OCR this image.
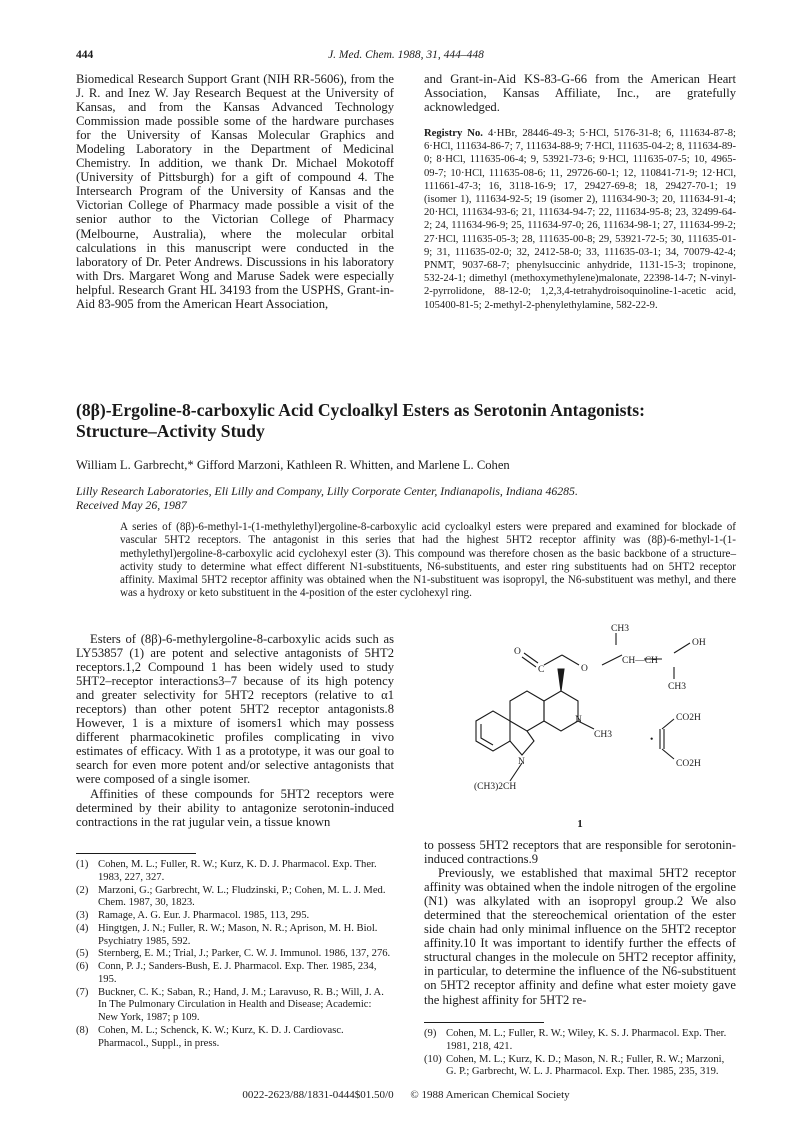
444	J. Med. Chem. 1988, 31, 444–448

Biomedical Research Support Grant (NIH RR-5606), from the J. R. and Inez W. Jay Research Bequest at the University of Kansas, and from the Kansas Advanced Technology Commission made possible some of the hardware purchases for the University of Kansas Molecular Graphics and Modeling Laboratory in the Department of Medicinal Chemistry. In addition, we thank Dr. Michael Mokotoff (University of Pittsburgh) for a gift of compound 4. The Intersearch Program of the University of Kansas and the Victorian College of Pharmacy made possible a visit of the senior author to the Victorian College of Pharmacy (Melbourne, Australia), where the molecular orbital calculations in this manuscript were conducted in the laboratory of Dr. Peter Andrews. Discussions in his laboratory with Drs. Margaret Wong and Maruse Sadek were especially helpful. Research Grant HL 34193 from the USPHS, Grant-in-Aid 83-905 from the American Heart Association,

and Grant-in-Aid KS-83-G-66 from the American Heart Association, Kansas Affiliate, Inc., are gratefully acknowledged.

Registry No. 4·HBr, 28446-49-3; 5·HCl, 5176-31-8; 6, 111634-87-8; 6·HCl, 111634-86-7; 7, 111634-88-9; 7·HCl, 111635-04-2; 8, 111634-89-0; 8·HCl, 111635-06-4; 9, 53921-73-6; 9·HCl, 111635-07-5; 10, 4965-09-7; 10·HCl, 111635-08-6; 11, 29726-60-1; 12, 110841-71-9; 12·HCl, 111661-47-3; 16, 3118-16-9; 17, 29427-69-8; 18, 29427-70-1; 19 (isomer 1), 111634-92-5; 19 (isomer 2), 111634-90-3; 20, 111634-91-4; 20·HCl, 111634-93-6; 21, 111634-94-7; 22, 111634-95-8; 23, 32499-64-2; 24, 111634-96-9; 25, 111634-97-0; 26, 111634-98-1; 27, 111634-99-2; 27·HCl, 111635-05-3; 28, 111635-00-8; 29, 53921-72-5; 30, 111635-01-9; 31, 111635-02-0; 32, 2412-58-0; 33, 111635-03-1; 34, 70079-42-4; PNMT, 9037-68-7; phenylsuccinic anhydride, 1131-15-3; tropinone, 532-24-1; dimethyl (methoxymethylene)malonate, 22398-14-7; N-vinyl-2-pyrrolidone, 88-12-0; 1,2,3,4-tetrahydroisoquinoline-1-acetic acid, 105400-81-5; 2-methyl-2-phenylethylamine, 582-22-9.
(8β)-Ergoline-8-carboxylic Acid Cycloalkyl Esters as Serotonin Antagonists:
Structure–Activity Study
William L. Garbrecht,* Gifford Marzoni, Kathleen R. Whitten, and Marlene L. Cohen
Lilly Research Laboratories, Eli Lilly and Company, Lilly Corporate Center, Indianapolis, Indiana 46285.
Received May 26, 1987
A series of (8β)-6-methyl-1-(1-methylethyl)ergoline-8-carboxylic acid cycloalkyl esters were prepared and examined for blockade of vascular 5HT2 receptors. The antagonist in this series that had the highest 5HT2 receptor affinity was (8β)-6-methyl-1-(1-methylethyl)ergoline-8-carboxylic acid cyclohexyl ester (3). This compound was therefore chosen as the basic backbone of a structure–activity study to determine what effect different N1-substituents, N6-substituents, and ester ring substituents had on 5HT2 receptor affinity. Maximal 5HT2 receptor affinity was obtained when the N1-substituent was isopropyl, the N6-substituent was methyl, and there was a hydroxy or keto substituent in the 4-position of the ester cyclohexyl ring.

Esters of (8β)-6-methylergoline-8-carboxylic acids such as LY53857 (1) are potent and selective antagonists of 5HT2 receptors.1,2 Compound 1 has been widely used to study 5HT2–receptor interactions3–7 because of its high potency and greater selectivity for 5HT2 receptors (relative to α1 receptors) than other potent 5HT2 receptor antagonists.8 However, 1 is a mixture of isomers1 which may possess different pharmacokinetic profiles complicating in vivo estimates of efficacy. With 1 as a prototype, it was our goal to search for even more potent and/or selective antagonists that were composed of a single isomer.

Affinities of these compounds for 5HT2 receptors were determined by their ability to antagonize serotonin-induced contractions in the rat jugular vein, a tissue known

CH3
OH
O
C	O
CH—CH
CH3
N
CH3
N
(CH3)2CH
CO2H
•
CO2H
1

to possess 5HT2 receptors that are responsible for serotonin-induced contractions.9

Previously, we established that maximal 5HT2 receptor affinity was obtained when the indole nitrogen of the ergoline (N1) was alkylated with an isopropyl group.2 We also determined that the stereochemical orientation of the ester side chain had only minimal influence on the 5HT2 receptor affinity.10 It was important to identify further the effects of structural changes in the molecule on 5HT2 receptor affinity, in particular, to determine the influence of the N6-substituent on 5HT2 receptor affinity and define what ester moiety gave the highest affinity for 5HT2 re-

(1) Cohen, M. L.; Fuller, R. W.; Kurz, K. D. J. Pharmacol. Exp. Ther. 1983, 227, 327.
(2) Marzoni, G.; Garbrecht, W. L.; Fludzinski, P.; Cohen, M. L. J. Med. Chem. 1987, 30, 1823.
(3) Ramage, A. G. Eur. J. Pharmacol. 1985, 113, 295.
(4) Hingtgen, J. N.; Fuller, R. W.; Mason, N. R.; Aprison, M. H. Biol. Psychiatry 1985, 592.
(5) Sternberg, E. M.; Trial, J.; Parker, C. W. J. Immunol. 1986, 137, 276.
(6) Conn, P. J.; Sanders-Bush, E. J. Pharmacol. Exp. Ther. 1985, 234, 195.
(7) Buckner, C. K.; Saban, R.; Hand, J. M.; Laravuso, R. B.; Will, J. A. In The Pulmonary Circulation in Health and Disease; Academic: New York, 1987; p 109.
(8) Cohen, M. L.; Schenck, K. W.; Kurz, K. D. J. Cardiovasc. Pharmacol., Suppl., in press.
(9) Cohen, M. L.; Fuller, R. W.; Wiley, K. S. J. Pharmacol. Exp. Ther. 1981, 218, 421.
(10) Cohen, M. L.; Kurz, K. D.; Mason, N. R.; Fuller, R. W.; Marzoni, G. P.; Garbrecht, W. L. J. Pharmacol. Exp. Ther. 1985, 235, 319.
0022-2623/88/1831-0444$01.50/0 © 1988 American Chemical Society
